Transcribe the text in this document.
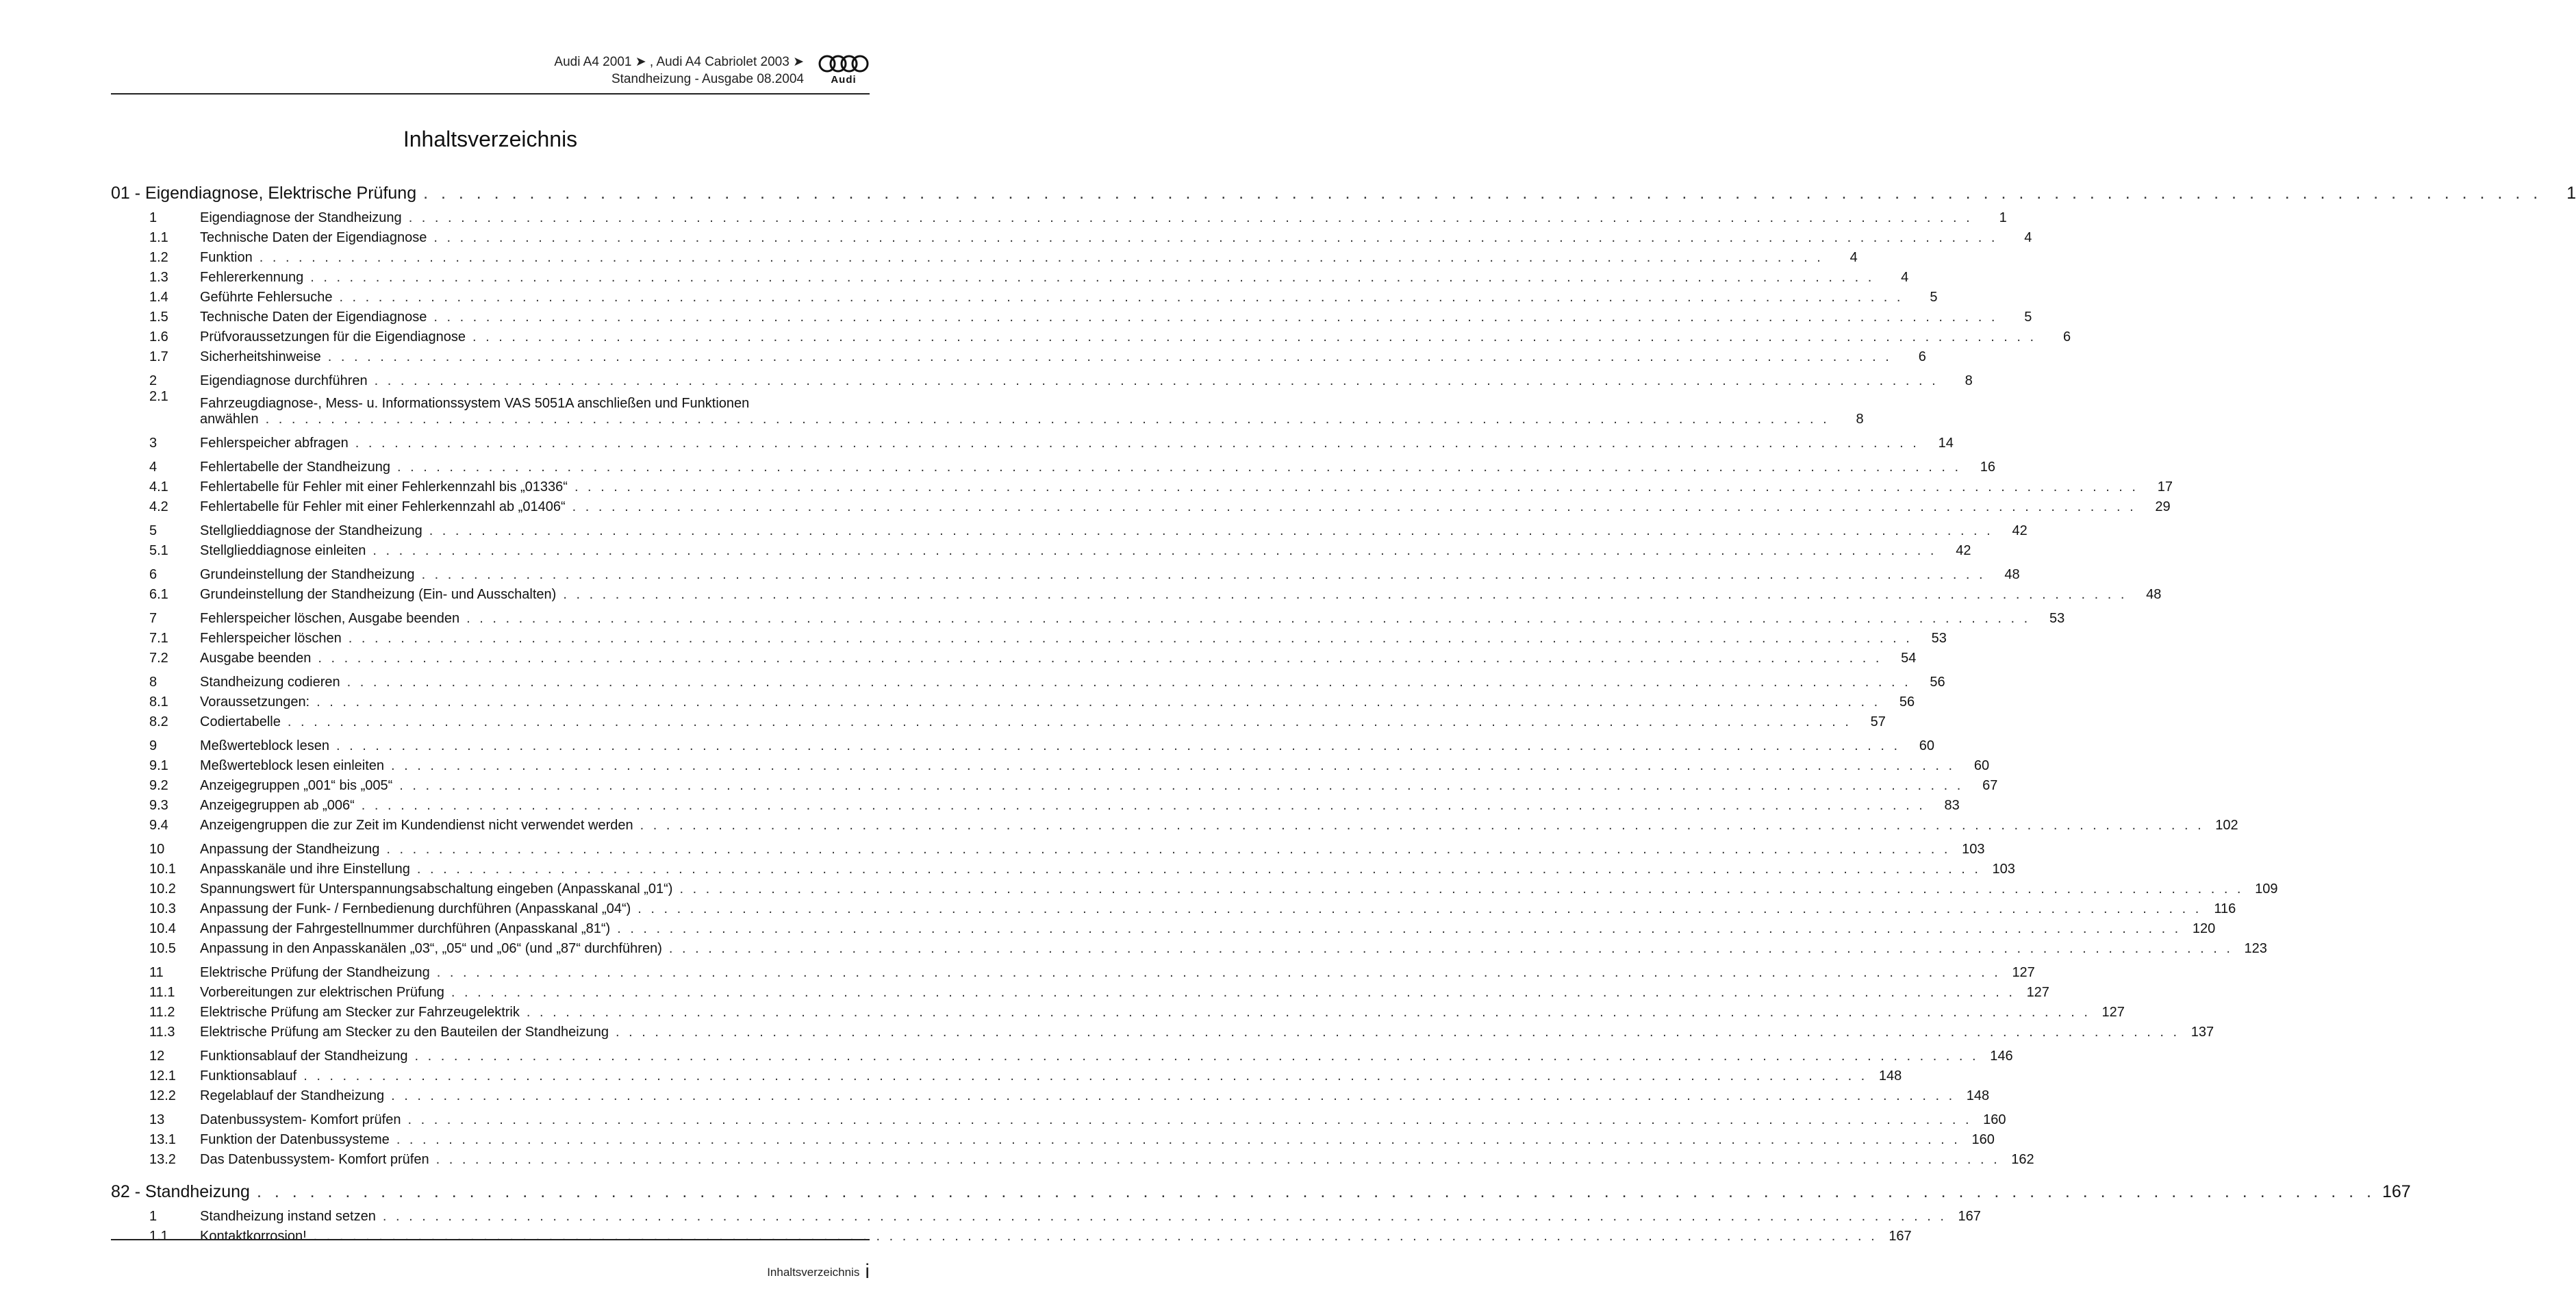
Audi A4 2001 ➤ , Audi A4 Cabriolet 2003 ➤
Standheizung - Ausgabe 08.2004	Audi
Inhaltsverzeichnis
01 - Eigendiagnose, Elektrische Prüfung . . . . . . . . . . . . . . . . . . . . . . . . . . . . . . . . . . . . . . . . . . . . . . . . . . . . . . . . . . . . . . . . . . . . . . . . . . . . . . . . . . . . . . . . . . . . . . . . . . . . . . . . . . . . . . . . . . . . . . . .	1
1	Eigendiagnose der Standheizung . . . . . . . . . . . . . . . . . . . . . . . . . . . . . . . . . . . . . . . . . . . . . . . . . . . . . . . . . . . . . . . . . . . . . . . . . . . . . . . . . . . . . . . . . . . . . . . . . . . . . . . . . . . . . . . . . . . . . . . .	1
1.1	Technische Daten der Eigendiagnose . . . . . . . . . . . . . . . . . . . . . . . . . . . . . . . . . . . . . . . . . . . . . . . . . . . . . . . . . . . . . . . . . . . . . . . . . . . . . . . . . . . . . . . . . . . . . . . . . . . . . . . . . . . . . . . . . . . . . . . .	4
1.2	Funktion . . . . . . . . . . . . . . . . . . . . . . . . . . . . . . . . . . . . . . . . . . . . . . . . . . . . . . . . . . . . . . . . . . . . . . . . . . . . . . . . . . . . . . . . . . . . . . . . . . . . . . . . . . . . . . . . . . . . . . . .	4
1.3	Fehlererkennung . . . . . . . . . . . . . . . . . . . . . . . . . . . . . . . . . . . . . . . . . . . . . . . . . . . . . . . . . . . . . . . . . . . . . . . . . . . . . . . . . . . . . . . . . . . . . . . . . . . . . . . . . . . . . . . . . . . . . . . .	4
1.4	Geführte Fehlersuche . . . . . . . . . . . . . . . . . . . . . . . . . . . . . . . . . . . . . . . . . . . . . . . . . . . . . . . . . . . . . . . . . . . . . . . . . . . . . . . . . . . . . . . . . . . . . . . . . . . . . . . . . . . . . . . . . . . . . . . .	5
1.5	Technische Daten der Eigendiagnose . . . . . . . . . . . . . . . . . . . . . . . . . . . . . . . . . . . . . . . . . . . . . . . . . . . . . . . . . . . . . . . . . . . . . . . . . . . . . . . . . . . . . . . . . . . . . . . . . . . . . . . . . . . . . . . . . . . . . . . .	5
1.6	Prüfvoraussetzungen für die Eigendiagnose . . . . . . . . . . . . . . . . . . . . . . . . . . . . . . . . . . . . . . . . . . . . . . . . . . . . . . . . . . . . . . . . . . . . . . . . . . . . . . . . . . . . . . . . . . . . . . . . . . . . . . . . . . . . . . . . . . . . . . . .	6
1.7	Sicherheitshinweise . . . . . . . . . . . . . . . . . . . . . . . . . . . . . . . . . . . . . . . . . . . . . . . . . . . . . . . . . . . . . . . . . . . . . . . . . . . . . . . . . . . . . . . . . . . . . . . . . . . . . . . . . . . . . . . . . . . . . . . .	6
2	Eigendiagnose durchführen . . . . . . . . . . . . . . . . . . . . . . . . . . . . . . . . . . . . . . . . . . . . . . . . . . . . . . . . . . . . . . . . . . . . . . . . . . . . . . . . . . . . . . . . . . . . . . . . . . . . . . . . . . . . . . . . . . . . . . . .	8
2.1	Fahrzeugdiagnose-, Mess- u. Informationssystem VAS 5051A anschließen und Funktionen
anwählen . . . . . . . . . . . . . . . . . . . . . . . . . . . . . . . . . . . . . . . . . . . . . . . . . . . . . . . . . . . . . . . . . . . . . . . . . . . . . . . . . . . . . . . . . . . . . . . . . . . . . . . . . . . . . . . . . . . . . . . .	8
3	Fehlerspeicher abfragen . . . . . . . . . . . . . . . . . . . . . . . . . . . . . . . . . . . . . . . . . . . . . . . . . . . . . . . . . . . . . . . . . . . . . . . . . . . . . . . . . . . . . . . . . . . . . . . . . . . . . . . . . . . . . . . . . . . . . . . .	14
4	Fehlertabelle der Standheizung . . . . . . . . . . . . . . . . . . . . . . . . . . . . . . . . . . . . . . . . . . . . . . . . . . . . . . . . . . . . . . . . . . . . . . . . . . . . . . . . . . . . . . . . . . . . . . . . . . . . . . . . . . . . . . . . . . . . . . . .	16
4.1	Fehlertabelle für Fehler mit einer Fehlerkennzahl bis „01336“ . . . . . . . . . . . . . . . . . . . . . . . . . . . . . . . . . . . . . . . . . . . . . . . . . . . . . . . . . . . . . . . . . . . . . . . . . . . . . . . . . . . . . . . . . . . . . . . . . . . . . . . . . . . . . . . . . . . . . . . .	17
4.2	Fehlertabelle für Fehler mit einer Fehlerkennzahl ab „01406“ . . . . . . . . . . . . . . . . . . . . . . . . . . . . . . . . . . . . . . . . . . . . . . . . . . . . . . . . . . . . . . . . . . . . . . . . . . . . . . . . . . . . . . . . . . . . . . . . . . . . . . . . . . . . . . . . . . . . . . . .	29
5	Stellglieddiagnose der Standheizung . . . . . . . . . . . . . . . . . . . . . . . . . . . . . . . . . . . . . . . . . . . . . . . . . . . . . . . . . . . . . . . . . . . . . . . . . . . . . . . . . . . . . . . . . . . . . . . . . . . . . . . . . . . . . . . . . . . . . . . .	42
5.1	Stellglieddiagnose einleiten . . . . . . . . . . . . . . . . . . . . . . . . . . . . . . . . . . . . . . . . . . . . . . . . . . . . . . . . . . . . . . . . . . . . . . . . . . . . . . . . . . . . . . . . . . . . . . . . . . . . . . . . . . . . . . . . . . . . . . . .	42
6	Grundeinstellung der Standheizung . . . . . . . . . . . . . . . . . . . . . . . . . . . . . . . . . . . . . . . . . . . . . . . . . . . . . . . . . . . . . . . . . . . . . . . . . . . . . . . . . . . . . . . . . . . . . . . . . . . . . . . . . . . . . . . . . . . . . . . .	48
6.1	Grundeinstellung der Standheizung (Ein- und Ausschalten) . . . . . . . . . . . . . . . . . . . . . . . . . . . . . . . . . . . . . . . . . . . . . . . . . . . . . . . . . . . . . . . . . . . . . . . . . . . . . . . . . . . . . . . . . . . . . . . . . . . . . . . . . . . . . . . . . . . . . . . .	48
7	Fehlerspeicher löschen, Ausgabe beenden . . . . . . . . . . . . . . . . . . . . . . . . . . . . . . . . . . . . . . . . . . . . . . . . . . . . . . . . . . . . . . . . . . . . . . . . . . . . . . . . . . . . . . . . . . . . . . . . . . . . . . . . . . . . . . . . . . . . . . . .	53
7.1	Fehlerspeicher löschen . . . . . . . . . . . . . . . . . . . . . . . . . . . . . . . . . . . . . . . . . . . . . . . . . . . . . . . . . . . . . . . . . . . . . . . . . . . . . . . . . . . . . . . . . . . . . . . . . . . . . . . . . . . . . . . . . . . . . . . .	53
7.2	Ausgabe beenden . . . . . . . . . . . . . . . . . . . . . . . . . . . . . . . . . . . . . . . . . . . . . . . . . . . . . . . . . . . . . . . . . . . . . . . . . . . . . . . . . . . . . . . . . . . . . . . . . . . . . . . . . . . . . . . . . . . . . . . .	54
8	Standheizung codieren . . . . . . . . . . . . . . . . . . . . . . . . . . . . . . . . . . . . . . . . . . . . . . . . . . . . . . . . . . . . . . . . . . . . . . . . . . . . . . . . . . . . . . . . . . . . . . . . . . . . . . . . . . . . . . . . . . . . . . . .	56
8.1	Voraussetzungen: . . . . . . . . . . . . . . . . . . . . . . . . . . . . . . . . . . . . . . . . . . . . . . . . . . . . . . . . . . . . . . . . . . . . . . . . . . . . . . . . . . . . . . . . . . . . . . . . . . . . . . . . . . . . . . . . . . . . . . . .	56
8.2	Codiertabelle . . . . . . . . . . . . . . . . . . . . . . . . . . . . . . . . . . . . . . . . . . . . . . . . . . . . . . . . . . . . . . . . . . . . . . . . . . . . . . . . . . . . . . . . . . . . . . . . . . . . . . . . . . . . . . . . . . . . . . . .	57
9	Meßwerteblock lesen . . . . . . . . . . . . . . . . . . . . . . . . . . . . . . . . . . . . . . . . . . . . . . . . . . . . . . . . . . . . . . . . . . . . . . . . . . . . . . . . . . . . . . . . . . . . . . . . . . . . . . . . . . . . . . . . . . . . . . . .	60
9.1	Meßwerteblock lesen einleiten . . . . . . . . . . . . . . . . . . . . . . . . . . . . . . . . . . . . . . . . . . . . . . . . . . . . . . . . . . . . . . . . . . . . . . . . . . . . . . . . . . . . . . . . . . . . . . . . . . . . . . . . . . . . . . . . . . . . . . . .	60
9.2	Anzeigegruppen „001“ bis „005“ . . . . . . . . . . . . . . . . . . . . . . . . . . . . . . . . . . . . . . . . . . . . . . . . . . . . . . . . . . . . . . . . . . . . . . . . . . . . . . . . . . . . . . . . . . . . . . . . . . . . . . . . . . . . . . . . . . . . . . . .	67
9.3	Anzeigegruppen ab „006“ . . . . . . . . . . . . . . . . . . . . . . . . . . . . . . . . . . . . . . . . . . . . . . . . . . . . . . . . . . . . . . . . . . . . . . . . . . . . . . . . . . . . . . . . . . . . . . . . . . . . . . . . . . . . . . . . . . . . . . . .	83
9.4	Anzeigengruppen die zur Zeit im Kundendienst nicht verwendet werden . . . . . . . . . . . . . . . . . . . . . . . . . . . . . . . . . . . . . . . . . . . . . . . . . . . . . . . . . . . . . . . . . . . . . . . . . . . . . . . . . . . . . . . . . . . . . . . . . . . . . . . . . . . . . . . . . . . . . . . . 102
10	Anpassung der Standheizung . . . . . . . . . . . . . . . . . . . . . . . . . . . . . . . . . . . . . . . . . . . . . . . . . . . . . . . . . . . . . . . . . . . . . . . . . . . . . . . . . . . . . . . . . . . . . . . . . . . . . . . . . . . . . . . . . . . . . . . . 103
10.1	Anpasskanäle und ihre Einstellung . . . . . . . . . . . . . . . . . . . . . . . . . . . . . . . . . . . . . . . . . . . . . . . . . . . . . . . . . . . . . . . . . . . . . . . . . . . . . . . . . . . . . . . . . . . . . . . . . . . . . . . . . . . . . . . . . . . . . . . . 103
10.2	Spannungswert für Unterspannungsabschaltung eingeben (Anpasskanal „01“) . . . . . . . . . . . . . . . . . . . . . . . . . . . . . . . . . . . . . . . . . . . . . . . . . . . . . . . . . . . . . . . . . . . . . . . . . . . . . . . . . . . . . . . . . . . . . . . . . . . . . . . . . . . . . . . . . . . . . . . . 109
10.3	Anpassung der Funk- / Fernbedienung durchführen (Anpasskanal „04“) . . . . . . . . . . . . . . . . . . . . . . . . . . . . . . . . . . . . . . . . . . . . . . . . . . . . . . . . . . . . . . . . . . . . . . . . . . . . . . . . . . . . . . . . . . . . . . . . . . . . . . . . . . . . . . . . . . . . . . . . 116
10.4	Anpassung der Fahrgestellnummer durchführen (Anpasskanal „81“) . . . . . . . . . . . . . . . . . . . . . . . . . . . . . . . . . . . . . . . . . . . . . . . . . . . . . . . . . . . . . . . . . . . . . . . . . . . . . . . . . . . . . . . . . . . . . . . . . . . . . . . . . . . . . . . . . . . . . . . . 120
10.5	Anpassung in den Anpasskanälen „03“, „05“ und „06“ (und „87“ durchführen) . . . . . . . . . . . . . . . . . . . . . . . . . . . . . . . . . . . . . . . . . . . . . . . . . . . . . . . . . . . . . . . . . . . . . . . . . . . . . . . . . . . . . . . . . . . . . . . . . . . . . . . . . . . . . . . . . . . . . . . . 123
11	Elektrische Prüfung der Standheizung . . . . . . . . . . . . . . . . . . . . . . . . . . . . . . . . . . . . . . . . . . . . . . . . . . . . . . . . . . . . . . . . . . . . . . . . . . . . . . . . . . . . . . . . . . . . . . . . . . . . . . . . . . . . . . . . . . . . . . . . 127
11.1	Vorbereitungen zur elektrischen Prüfung . . . . . . . . . . . . . . . . . . . . . . . . . . . . . . . . . . . . . . . . . . . . . . . . . . . . . . . . . . . . . . . . . . . . . . . . . . . . . . . . . . . . . . . . . . . . . . . . . . . . . . . . . . . . . . . . . . . . . . . . 127
11.2	Elektrische Prüfung am Stecker zur Fahrzeugelektrik . . . . . . . . . . . . . . . . . . . . . . . . . . . . . . . . . . . . . . . . . . . . . . . . . . . . . . . . . . . . . . . . . . . . . . . . . . . . . . . . . . . . . . . . . . . . . . . . . . . . . . . . . . . . . . . . . . . . . . . . 127
11.3	Elektrische Prüfung am Stecker zu den Bauteilen der Standheizung . . . . . . . . . . . . . . . . . . . . . . . . . . . . . . . . . . . . . . . . . . . . . . . . . . . . . . . . . . . . . . . . . . . . . . . . . . . . . . . . . . . . . . . . . . . . . . . . . . . . . . . . . . . . . . . . . . . . . . . . 137
12	Funktionsablauf der Standheizung . . . . . . . . . . . . . . . . . . . . . . . . . . . . . . . . . . . . . . . . . . . . . . . . . . . . . . . . . . . . . . . . . . . . . . . . . . . . . . . . . . . . . . . . . . . . . . . . . . . . . . . . . . . . . . . . . . . . . . . . 146
12.1	Funktionsablauf . . . . . . . . . . . . . . . . . . . . . . . . . . . . . . . . . . . . . . . . . . . . . . . . . . . . . . . . . . . . . . . . . . . . . . . . . . . . . . . . . . . . . . . . . . . . . . . . . . . . . . . . . . . . . . . . . . . . . . . . 148
12.2	Regelablauf der Standheizung . . . . . . . . . . . . . . . . . . . . . . . . . . . . . . . . . . . . . . . . . . . . . . . . . . . . . . . . . . . . . . . . . . . . . . . . . . . . . . . . . . . . . . . . . . . . . . . . . . . . . . . . . . . . . . . . . . . . . . . . 148
13	Datenbussystem- Komfort prüfen . . . . . . . . . . . . . . . . . . . . . . . . . . . . . . . . . . . . . . . . . . . . . . . . . . . . . . . . . . . . . . . . . . . . . . . . . . . . . . . . . . . . . . . . . . . . . . . . . . . . . . . . . . . . . . . . . . . . . . . . 160
13.1	Funktion der Datenbussysteme . . . . . . . . . . . . . . . . . . . . . . . . . . . . . . . . . . . . . . . . . . . . . . . . . . . . . . . . . . . . . . . . . . . . . . . . . . . . . . . . . . . . . . . . . . . . . . . . . . . . . . . . . . . . . . . . . . . . . . . . 160
13.2	Das Datenbussystem- Komfort prüfen . . . . . . . . . . . . . . . . . . . . . . . . . . . . . . . . . . . . . . . . . . . . . . . . . . . . . . . . . . . . . . . . . . . . . . . . . . . . . . . . . . . . . . . . . . . . . . . . . . . . . . . . . . . . . . . . . . . . . . . . 162
82 - Standheizung . . . . . . . . . . . . . . . . . . . . . . . . . . . . . . . . . . . . . . . . . . . . . . . . . . . . . . . . . . . . . . . . . . . . . . . . . . . . . . . . . . . . . . . . . . . . . . . . . . . . . . . . . . . . . . . . . . . . . . . . 167
1	Standheizung instand setzen . . . . . . . . . . . . . . . . . . . . . . . . . . . . . . . . . . . . . . . . . . . . . . . . . . . . . . . . . . . . . . . . . . . . . . . . . . . . . . . . . . . . . . . . . . . . . . . . . . . . . . . . . . . . . . . . . . . . . . . . 167
1.1	Kontaktkorrosion! . . . . . . . . . . . . . . . . . . . . . . . . . . . . . . . . . . . . . . . . . . . . . . . . . . . . . . . . . . . . . . . . . . . . . . . . . . . . . . . . . . . . . . . . . . . . . . . . . . . . . . . . . . . . . . . . . . . . . . . . 167
Inhaltsverzeichnis i
